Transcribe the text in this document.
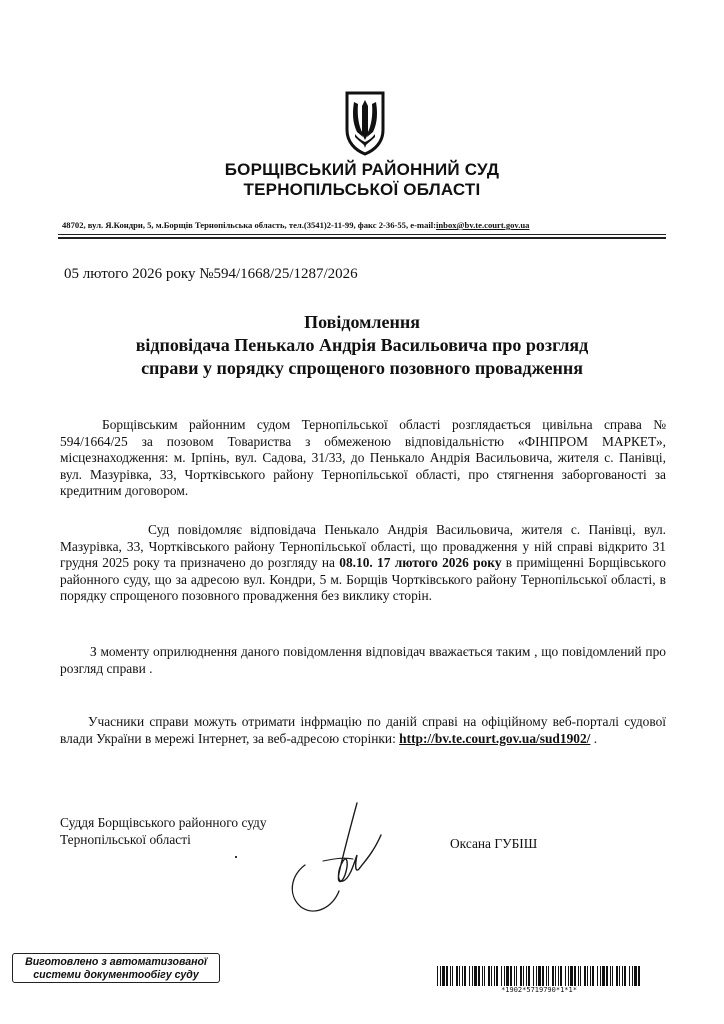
БОРЩІВСЬКИЙ РАЙОННИЙ СУД
ТЕРНОПІЛЬСЬКОЇ ОБЛАСТІ
48702, вул. Я.Кондри, 5, м.Борщів Тернопільська область, тел.(3541)2-11-99, факс 2-36-55, e-mail:inbox@bv.te.court.gov.ua
05 лютого 2026 року №594/1668/25/1287/2026
Повідомлення
відповідача Пенькало Андрія Васильовича про розгляд
справи у порядку спрощеного позовного провадження
Борщівським районним судом Тернопільської області розглядається цивільна справа № 594/1664/25 за позовом Товариства з обмеженою відповідальністю «ФІНПРОМ МАРКЕТ», місцезнаходження: м. Ірпінь, вул. Садова, 31/33, до Пенькало Андрія Васильовича, жителя с. Панівці, вул. Мазурівка, 33, Чортківського району Тернопільської області, про стягнення заборгованості за кредитним договором.
Суд повідомляє відповідача Пенькало Андрія Васильовича, жителя с. Панівці, вул. Мазурівка, 33, Чортківського району Тернопільської області, що провадження у ній справі відкрито 31 грудня 2025 року та призначено до розгляду на 08.10. 17 лютого 2026 року в приміщенні Борщівського районного суду, що за адресою вул. Кондри, 5 м. Борщів Чортківського району Тернопільської області, в порядку спрощеного позовного провадження без виклику сторін.
З моменту оприлюднення даного повідомлення відповідач вважається таким , що повідомлений про розгляд справи .
Учасники справи можуть отримати інфрмацію по даній справі на офіційному веб-порталі судової влади України в мережі Інтернет, за веб-адресою сторінки: http://bv.te.court.gov.ua/sud1902/ .
Суддя Борщівського районного суду
Тернопільської області	Оксана ГУБІШ
Виготовлено з автоматизованої
системи документообігу суду
*1902*5719790*1*1*
